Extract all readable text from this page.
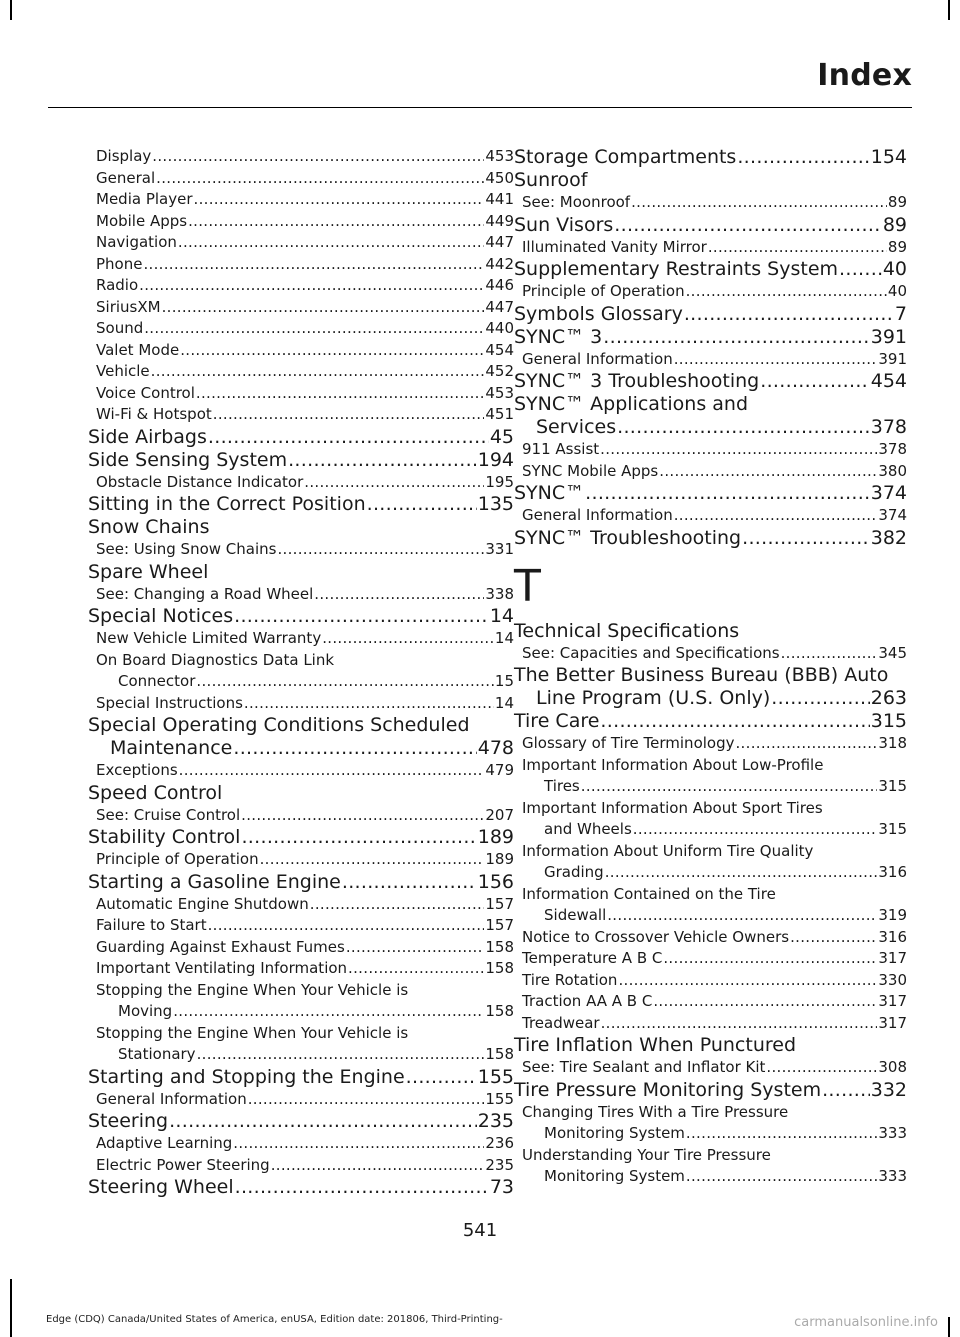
Index
Display .....	453
General .....	450
Media Player .....	441
Mobile Apps .....	449
Navigation .....	447
Phone .....	442
Radio .....	446
SiriusXM .....	447
Sound .....	440
Valet Mode .....	454
Vehicle .....	452
Voice Control .....	453
Wi-Fi & Hotspot .....	451
Side Airbags .....	45
Side Sensing System .....	194
Obstacle Distance Indicator .....	195
Sitting in the Correct Position .....	135
Snow Chains
See: Using Snow Chains .....	331
Spare Wheel
See: Changing a Road Wheel .....	338
Special Notices .....	14
New Vehicle Limited Warranty .....	14
On Board Diagnostics Data Link
Connector .....	15
Special Instructions .....	14
Special Operating Conditions Scheduled
Maintenance .....	478
Exceptions .....	479
Speed Control
See: Cruise Control .....	207
Stability Control .....	189
Principle of Operation .....	189
Starting a Gasoline Engine .....	156
Automatic Engine Shutdown .....	157
Failure to Start .....	157
Guarding Against Exhaust Fumes .....	158
Important Ventilating Information .....	158
Stopping the Engine When Your Vehicle is
Moving .....	158
Stopping the Engine When Your Vehicle is
Stationary .....	158
Starting and Stopping the Engine .....	155
General Information .....	155
Steering .....	235
Adaptive Learning .....	236
Electric Power Steering .....	235
Steering Wheel .....	73
Storage Compartments .....	154
Sunroof
See: Moonroof .....	89
Sun Visors .....	89
Illuminated Vanity Mirror .....	89
Supplementary Restraints System ..... 40
Principle of Operation .....	40
Symbols Glossary .....	7
SYNC™ 3 .....	391
General Information .....	391
SYNC™ 3 Troubleshooting .....	454
SYNC™ Applications and
Services .....	378
911 Assist .....	378
SYNC Mobile Apps .....	380
SYNC™ .....	374
General Information .....	374
SYNC™ Troubleshooting .....	382
T
Technical Specifications
See: Capacities and Specifications .....	345
The Better Business Bureau (BBB) Auto
Line Program (U.S. Only) .....	263
Tire Care .....	315
Glossary of Tire Terminology .....	318
Important Information About Low-Profile
Tires .....	315
Important Information About Sport Tires
and Wheels .....	315
Information About Uniform Tire Quality
Grading .....	316
Information Contained on the Tire
Sidewall .....	319
Notice to Crossover Vehicle Owners .....	316
Temperature A B C .....	317
Tire Rotation .....	330
Traction AA A B C .....	317
Treadwear .....	317
Tire Inflation When Punctured
See: Tire Sealant and Inflator Kit .....	308
Tire Pressure Monitoring System .....	332
Changing Tires With a Tire Pressure
Monitoring System .....	333
Understanding Your Tire Pressure
Monitoring System .....	333
541
Edge (CDQ) Canada/United States of America, enUSA, Edition date: 201806, Third-Printing-	carmanualsonline.info
